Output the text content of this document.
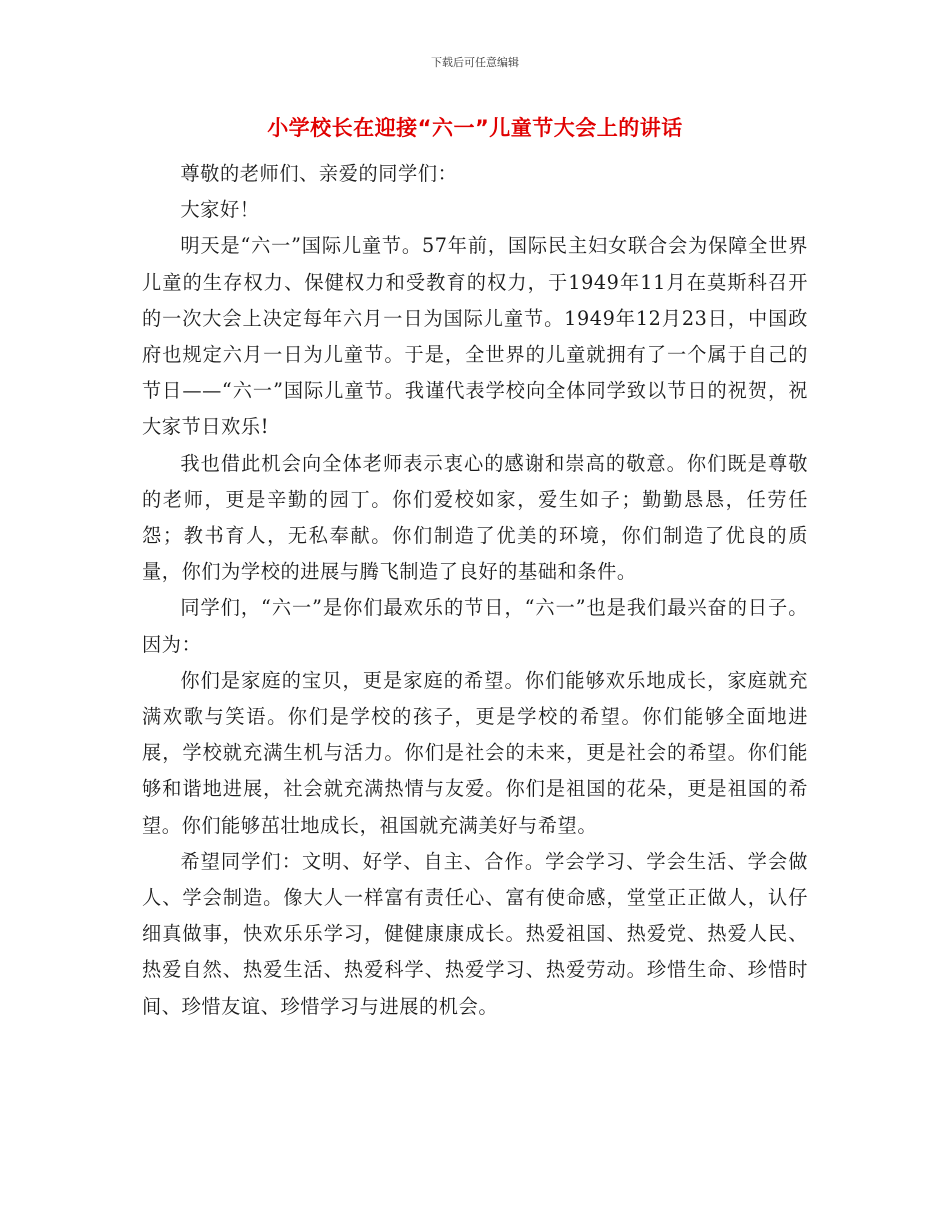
下载后可任意编辑
小学校长在迎接“六一”儿童节大会上的讲话

尊敬的老师们、亲爱的同学们：

大家好！

明天是“六一”国际儿童节。57年前，国际民主妇女联合会为保障全世界儿童的生存权力、保健权力和受教育的权力，于1949年11月在莫斯科召开的一次大会上决定每年六月一日为国际儿童节。1949年12月23日，中国政府也规定六月一日为儿童节。于是，全世界的儿童就拥有了一个属于自己的节日——“六一”国际儿童节。我谨代表学校向全体同学致以节日的祝贺，祝大家节日欢乐!

我也借此机会向全体老师表示衷心的感谢和崇高的敬意。你们既是尊敬的老师，更是辛勤的园丁。你们爱校如家，爱生如子；勤勤恳恳，任劳任怨；教书育人，无私奉献。你们制造了优美的环境，你们制造了优良的质量，你们为学校的进展与腾飞制造了良好的基础和条件。

同学们，“六一”是你们最欢乐的节日，“六一”也是我们最兴奋的日子。因为：

你们是家庭的宝贝，更是家庭的希望。你们能够欢乐地成长，家庭就充满欢歌与笑语。你们是学校的孩子，更是学校的希望。你们能够全面地进展，学校就充满生机与活力。你们是社会的未来，更是社会的希望。你们能够和谐地进展，社会就充满热情与友爱。你们是祖国的花朵，更是祖国的希望。你们能够茁壮地成长，祖国就充满美好与希望。

希望同学们：文明、好学、自主、合作。学会学习、学会生活、学会做人、学会制造。像大人一样富有责任心、富有使命感，堂堂正正做人，认仔细真做事，快欢乐乐学习，健健康康成长。热爱祖国、热爱党、热爱人民、热爱自然、热爱生活、热爱科学、热爱学习、热爱劳动。珍惜生命、珍惜时间、珍惜友谊、珍惜学习与进展的机会。
